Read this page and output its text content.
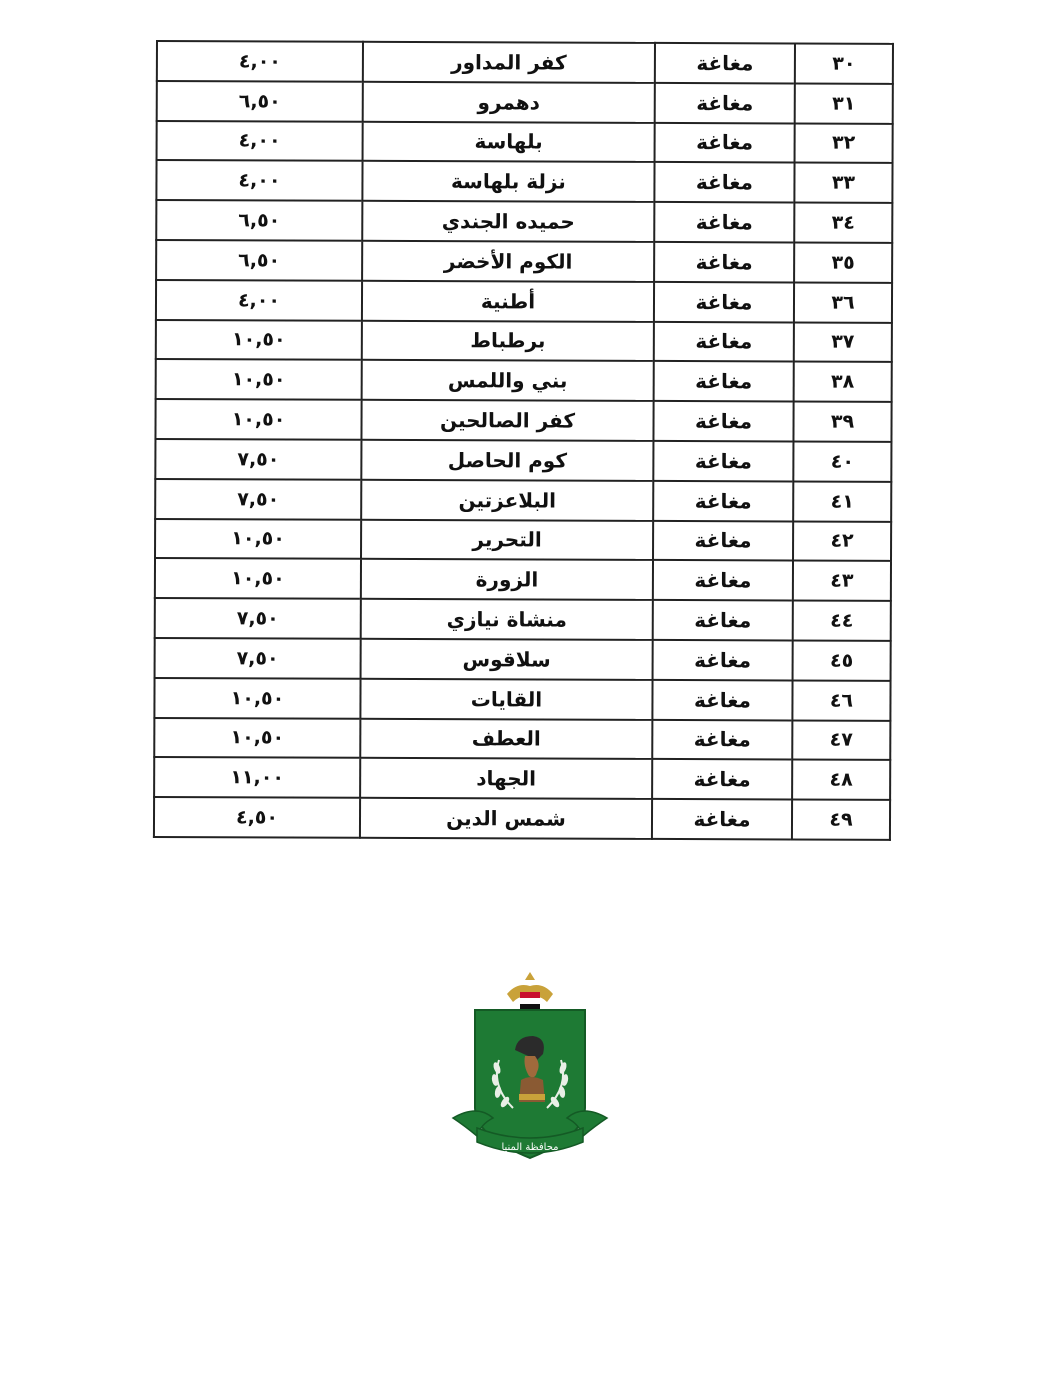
٣٠	مغاغة	كفر المداور	٤,٠٠
٣١	مغاغة	دهمرو	٦,٥٠
٣٢	مغاغة	بلهاسة	٤,٠٠
٣٣	مغاغة	نزلة بلهاسة	٤,٠٠
٣٤	مغاغة	حميده الجندي	٦,٥٠
٣٥	مغاغة	الكوم الأخضر	٦,٥٠
٣٦	مغاغة	أطنية	٤,٠٠
٣٧	مغاغة	برطباط	١٠,٥٠
٣٨	مغاغة	بني واللمس	١٠,٥٠
٣٩	مغاغة	كفر الصالحين	١٠,٥٠
٤٠	مغاغة	كوم الحاصل	٧,٥٠
٤١	مغاغة	البلاعزتين	٧,٥٠
٤٢	مغاغة	التحرير	١٠,٥٠
٤٣	مغاغة	الزورة	١٠,٥٠
٤٤	مغاغة	منشاة نيازي	٧,٥٠
٤٥	مغاغة	سلاقوس	٧,٥٠
٤٦	مغاغة	القايات	١٠,٥٠
٤٧	مغاغة	العطف	١٠,٥٠
٤٨	مغاغة	الجهاد	١١,٠٠
٤٩	مغاغة	شمس الدين	٤,٥٠
محافظة المنيا
